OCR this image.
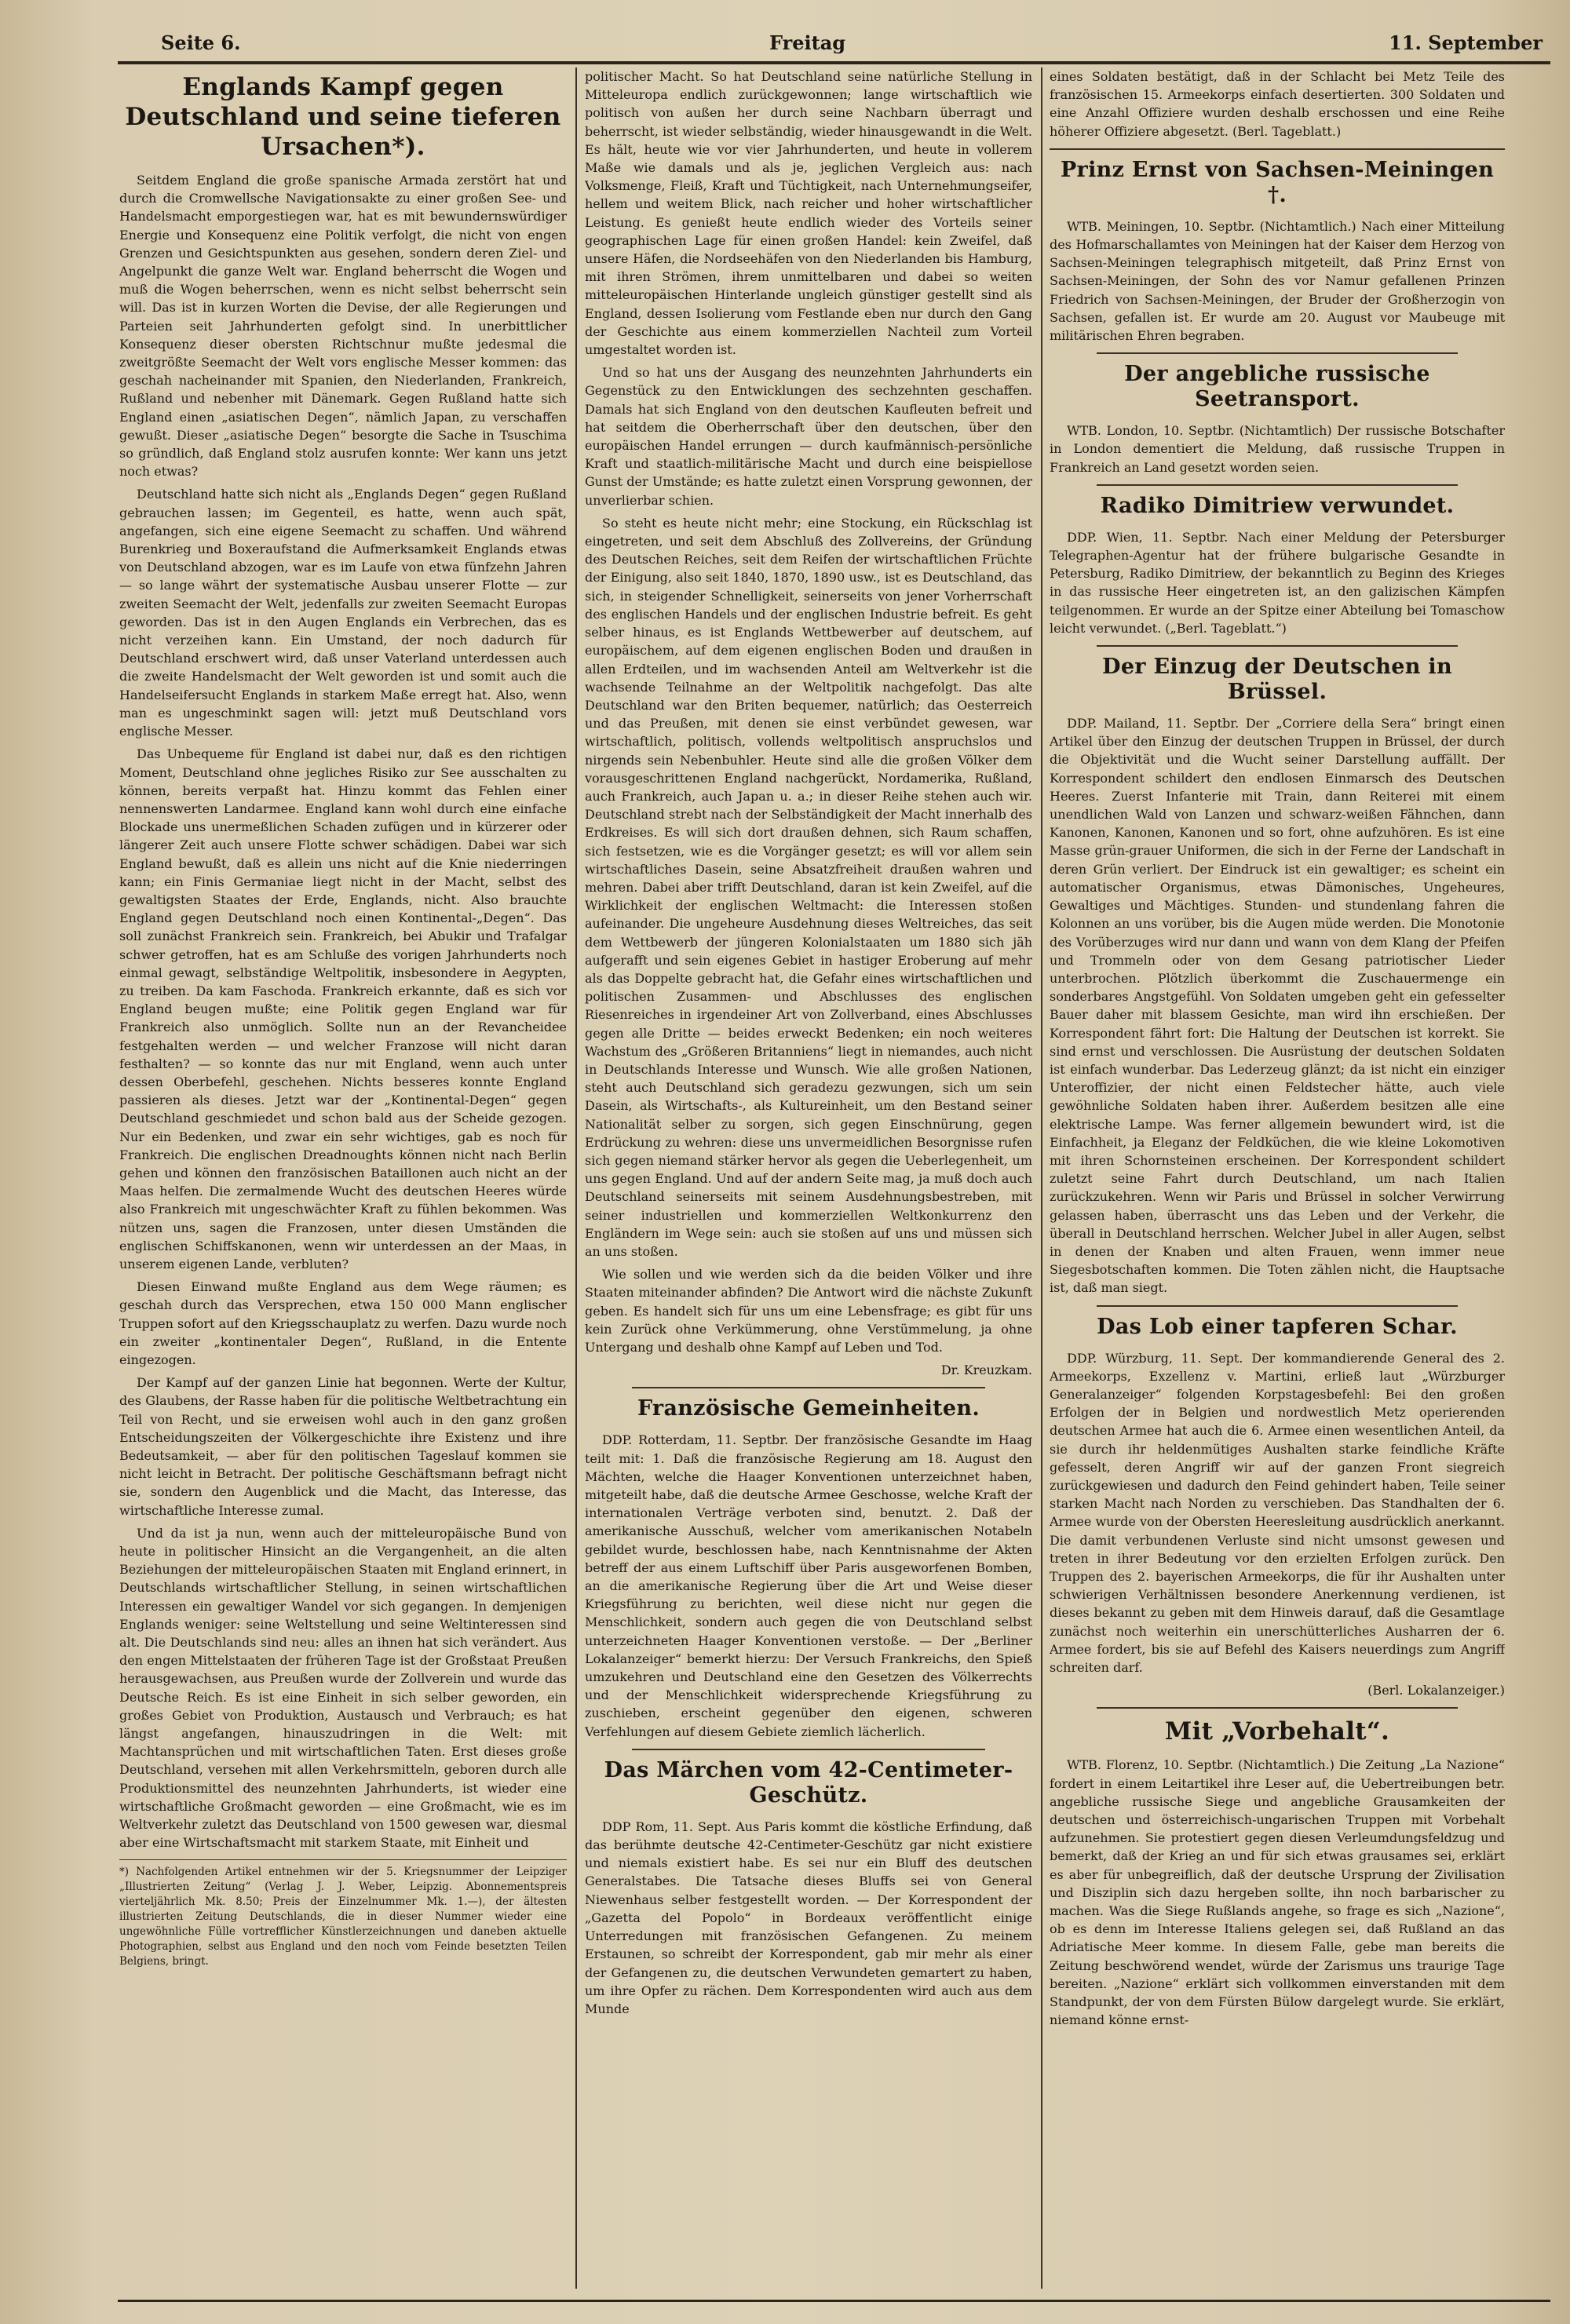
Seite 6.	Freitag	11. September
Englands Kampf gegen Deutschland und seine tieferen Ursachen*).

Seitdem England die große spanische Armada zerstört hat und durch die Cromwellsche Navigationsakte zu einer großen See- und Handelsmacht emporgestiegen war, hat es mit bewundernswürdiger Energie und Konsequenz eine Politik verfolgt, die nicht von engen Grenzen und Gesichtspunkten aus gesehen, sondern deren Ziel- und Angelpunkt die ganze Welt war. England beherrscht die Wogen und muß die Wogen beherrschen, wenn es nicht selbst beherrscht sein will. Das ist in kurzen Worten die Devise, der alle Regierungen und Parteien seit Jahrhunderten gefolgt sind. In unerbittlicher Konsequenz dieser obersten Richtschnur mußte jedesmal die zweitgrößte Seemacht der Welt vors englische Messer kommen: das geschah nacheinander mit Spanien, den Niederlanden, Frankreich, Rußland und nebenher mit Dänemark. Gegen Rußland hatte sich England einen „asiatischen Degen“, nämlich Japan, zu verschaffen gewußt. Dieser „asiatische Degen“ besorgte die Sache in Tsuschima so gründlich, daß England stolz ausrufen konnte: Wer kann uns jetzt noch etwas?

Deutschland hatte sich nicht als „Englands Degen“ gegen Rußland gebrauchen lassen; im Gegenteil, es hatte, wenn auch spät, angefangen, sich eine eigene Seemacht zu schaffen. Und während Burenkrieg und Boxeraufstand die Aufmerksamkeit Englands etwas von Deutschland abzogen, war es im Laufe von etwa fünfzehn Jahren — so lange währt der systematische Ausbau unserer Flotte — zur zweiten Seemacht der Welt, jedenfalls zur zweiten Seemacht Europas geworden. Das ist in den Augen Englands ein Verbrechen, das es nicht verzeihen kann. Ein Umstand, der noch dadurch für Deutschland erschwert wird, daß unser Vaterland unterdessen auch die zweite Handelsmacht der Welt geworden ist und somit auch die Handelseifersucht Englands in starkem Maße erregt hat. Also, wenn man es ungeschminkt sagen will: jetzt muß Deutschland vors englische Messer.

Das Unbequeme für England ist dabei nur, daß es den richtigen Moment, Deutschland ohne jegliches Risiko zur See ausschalten zu können, bereits verpaßt hat. Hinzu kommt das Fehlen einer nennenswerten Landarmee. England kann wohl durch eine einfache Blockade uns unermeßlichen Schaden zufügen und in kürzerer oder längerer Zeit auch unsere Flotte schwer schädigen. Dabei war sich England bewußt, daß es allein uns nicht auf die Knie niederringen kann; ein Finis Germaniae liegt nicht in der Macht, selbst des gewaltigsten Staates der Erde, Englands, nicht. Also brauchte England gegen Deutschland noch einen Kontinental-„Degen“. Das soll zunächst Frankreich sein. Frankreich, bei Abukir und Trafalgar schwer getroffen, hat es am Schluße des vorigen Jahrhunderts noch einmal gewagt, selbständige Weltpolitik, insbesondere in Aegypten, zu treiben. Da kam Faschoda. Frankreich erkannte, daß es sich vor England beugen mußte; eine Politik gegen England war für Frankreich also unmöglich. Sollte nun an der Revancheidee festgehalten werden — und welcher Franzose will nicht daran festhalten? — so konnte das nur mit England, wenn auch unter dessen Oberbefehl, geschehen. Nichts besseres konnte England passieren als dieses. Jetzt war der „Kontinental-Degen“ gegen Deutschland geschmiedet und schon bald aus der Scheide gezogen. Nur ein Bedenken, und zwar ein sehr wichtiges, gab es noch für Frankreich. Die englischen Dreadnoughts können nicht nach Berlin gehen und können den französischen Bataillonen auch nicht an der Maas helfen. Die zermalmende Wucht des deutschen Heeres würde also Frankreich mit ungeschwächter Kraft zu fühlen bekommen. Was nützen uns, sagen die Franzosen, unter diesen Umständen die englischen Schiffskanonen, wenn wir unterdessen an der Maas, in unserem eigenen Lande, verbluten?

Diesen Einwand mußte England aus dem Wege räumen; es geschah durch das Versprechen, etwa 150 000 Mann englischer Truppen sofort auf den Kriegsschauplatz zu werfen. Dazu wurde noch ein zweiter „kontinentaler Degen“, Rußland, in die Entente eingezogen.

Der Kampf auf der ganzen Linie hat begonnen. Werte der Kultur, des Glaubens, der Rasse haben für die politische Weltbetrachtung ein Teil von Recht, und sie erweisen wohl auch in den ganz großen Entscheidungszeiten der Völkergeschichte ihre Existenz und ihre Bedeutsamkeit, — aber für den politischen Tageslauf kommen sie nicht leicht in Betracht. Der politische Geschäftsmann befragt nicht sie, sondern den Augenblick und die Macht, das Interesse, das wirtschaftliche Interesse zumal.

Und da ist ja nun, wenn auch der mitteleuropäische Bund von heute in politischer Hinsicht an die Vergangenheit, an die alten Beziehungen der mitteleuropäischen Staaten mit England erinnert, in Deutschlands wirtschaftlicher Stellung, in seinen wirtschaftlichen Interessen ein gewaltiger Wandel vor sich gegangen. In demjenigen Englands weniger: seine Weltstellung und seine Weltinteressen sind alt. Die Deutschlands sind neu: alles an ihnen hat sich verändert. Aus den engen Mittelstaaten der früheren Tage ist der Großstaat Preußen herausgewachsen, aus Preußen wurde der Zollverein und wurde das Deutsche Reich. Es ist eine Einheit in sich selber geworden, ein großes Gebiet von Produktion, Austausch und Verbrauch; es hat längst angefangen, hinauszudringen in die Welt: mit Machtansprüchen und mit wirtschaftlichen Taten. Erst dieses große Deutschland, versehen mit allen Verkehrsmitteln, geboren durch alle Produktionsmittel des neunzehnten Jahrhunderts, ist wieder eine wirtschaftliche Großmacht geworden — eine Großmacht, wie es im Weltverkehr zuletzt das Deutschland von 1500 gewesen war, diesmal aber eine Wirtschaftsmacht mit starkem Staate, mit Einheit und

*) Nachfolgenden Artikel entnehmen wir der 5. Kriegsnummer der Leipziger „Illustrierten Zeitung“ (Verlag J. J. Weber, Leipzig. Abonnementspreis vierteljährlich Mk. 8.50; Preis der Einzelnummer Mk. 1.—), der ältesten illustrierten Zeitung Deutschlands, die in dieser Nummer wieder eine ungewöhnliche Fülle vortrefflicher Künstlerzeichnungen und daneben aktuelle Photographien, selbst aus England und den noch vom Feinde besetzten Teilen Belgiens, bringt.

politischer Macht. So hat Deutschland seine natürliche Stellung in Mitteleuropa endlich zurückgewonnen; lange wirtschaftlich wie politisch von außen her durch seine Nachbarn überragt und beherrscht, ist wieder selbständig, wieder hinausgewandt in die Welt. Es hält, heute wie vor vier Jahrhunderten, und heute in vollerem Maße wie damals und als je, jeglichen Vergleich aus: nach Volksmenge, Fleiß, Kraft und Tüchtigkeit, nach Unternehmungseifer, hellem und weitem Blick, nach reicher und hoher wirtschaftlicher Leistung. Es genießt heute endlich wieder des Vorteils seiner geographischen Lage für einen großen Handel: kein Zweifel, daß unsere Häfen, die Nordseehäfen von den Niederlanden bis Hamburg, mit ihren Strömen, ihrem unmittelbaren und dabei so weiten mitteleuropäischen Hinterlande ungleich günstiger gestellt sind als England, dessen Isolierung vom Festlande eben nur durch den Gang der Geschichte aus einem kommerziellen Nachteil zum Vorteil umgestaltet worden ist.

Und so hat uns der Ausgang des neunzehnten Jahrhunderts ein Gegenstück zu den Entwicklungen des sechzehnten geschaffen. Damals hat sich England von den deutschen Kaufleuten befreit und hat seitdem die Oberherrschaft über den deutschen, über den europäischen Handel errungen — durch kaufmännisch-persönliche Kraft und staatlich-militärische Macht und durch eine beispiellose Gunst der Umstände; es hatte zuletzt einen Vorsprung gewonnen, der unverlierbar schien.

So steht es heute nicht mehr; eine Stockung, ein Rückschlag ist eingetreten, und seit dem Abschluß des Zollvereins, der Gründung des Deutschen Reiches, seit dem Reifen der wirtschaftlichen Früchte der Einigung, also seit 1840, 1870, 1890 usw., ist es Deutschland, das sich, in steigender Schnelligkeit, seinerseits von jener Vorherrschaft des englischen Handels und der englischen Industrie befreit. Es geht selber hinaus, es ist Englands Wettbewerber auf deutschem, auf europäischem, auf dem eigenen englischen Boden und draußen in allen Erdteilen, und im wachsenden Anteil am Weltverkehr ist die wachsende Teilnahme an der Weltpolitik nachgefolgt. Das alte Deutschland war den Briten bequemer, natürlich; das Oesterreich und das Preußen, mit denen sie einst verbündet gewesen, war wirtschaftlich, politisch, vollends weltpolitisch anspruchslos und nirgends sein Nebenbuhler. Heute sind alle die großen Völker dem vorausgeschrittenen England nachgerückt, Nordamerika, Rußland, auch Frankreich, auch Japan u. a.; in dieser Reihe stehen auch wir. Deutschland strebt nach der Selbständigkeit der Macht innerhalb des Erdkreises. Es will sich dort draußen dehnen, sich Raum schaffen, sich festsetzen, wie es die Vorgänger gesetzt; es will vor allem sein wirtschaftliches Dasein, seine Absatzfreiheit draußen wahren und mehren. Dabei aber trifft Deutschland, daran ist kein Zweifel, auf die Wirklichkeit der englischen Weltmacht: die Interessen stoßen aufeinander. Die ungeheure Ausdehnung dieses Weltreiches, das seit dem Wettbewerb der jüngeren Kolonialstaaten um 1880 sich jäh aufgerafft und sein eigenes Gebiet in hastiger Eroberung auf mehr als das Doppelte gebracht hat, die Gefahr eines wirtschaftlichen und politischen Zusammen- und Abschlusses des englischen Riesenreiches in irgendeiner Art von Zollverband, eines Abschlusses gegen alle Dritte — beides erweckt Bedenken; ein noch weiteres Wachstum des „Größeren Britanniens“ liegt in niemandes, auch nicht in Deutschlands Interesse und Wunsch. Wie alle großen Nationen, steht auch Deutschland sich geradezu gezwungen, sich um sein Dasein, als Wirtschafts-, als Kultureinheit, um den Bestand seiner Nationalität selber zu sorgen, sich gegen Einschnürung, gegen Erdrückung zu wehren: diese uns unvermeidlichen Besorgnisse rufen sich gegen niemand stärker hervor als gegen die Ueberlegenheit, um uns gegen England. Und auf der andern Seite mag, ja muß doch auch Deutschland seinerseits mit seinem Ausdehnungsbestreben, mit seiner industriellen und kommerziellen Weltkonkurrenz den Engländern im Wege sein: auch sie stoßen auf uns und müssen sich an uns stoßen.

Wie sollen und wie werden sich da die beiden Völker und ihre Staaten miteinander abfinden? Die Antwort wird die nächste Zukunft geben. Es handelt sich für uns um eine Lebensfrage; es gibt für uns kein Zurück ohne Verkümmerung, ohne Verstümmelung, ja ohne Untergang und deshalb ohne Kampf auf Leben und Tod.

Dr. Kreuzkam.
Französische Gemeinheiten.

DDP. Rotterdam, 11. Septbr. Der französische Gesandte im Haag teilt mit: 1. Daß die französische Regierung am 18. August den Mächten, welche die Haager Konventionen unterzeichnet haben, mitgeteilt habe, daß die deutsche Armee Geschosse, welche Kraft der internationalen Verträge verboten sind, benutzt. 2. Daß der amerikanische Ausschuß, welcher vom amerikanischen Notabeln gebildet wurde, beschlossen habe, nach Kenntnisnahme der Akten betreff der aus einem Luftschiff über Paris ausgeworfenen Bomben, an die amerikanische Regierung über die Art und Weise dieser Kriegsführung zu berichten, weil diese nicht nur gegen die Menschlichkeit, sondern auch gegen die von Deutschland selbst unterzeichneten Haager Konventionen verstoße. — Der „Berliner Lokalanzeiger“ bemerkt hierzu: Der Versuch Frankreichs, den Spieß umzukehren und Deutschland eine den Gesetzen des Völkerrechts und der Menschlichkeit widersprechende Kriegsführung zu zuschieben, erscheint gegenüber den eigenen, schweren Verfehlungen auf diesem Gebiete ziemlich lächerlich.

Das Märchen vom 42-Centimeter-Geschütz.

DDP Rom, 11. Sept. Aus Paris kommt die köstliche Erfindung, daß das berühmte deutsche 42-Centimeter-Geschütz gar nicht existiere und niemals existiert habe. Es sei nur ein Bluff des deutschen Generalstabes. Die Tatsache dieses Bluffs sei von General Niewenhaus selber festgestellt worden. — Der Korrespondent der „Gazetta del Popolo“ in Bordeaux veröffentlicht einige Unterredungen mit französischen Gefangenen. Zu meinem Erstaunen, so schreibt der Korrespondent, gab mir mehr als einer der Gefangenen zu, die deutschen Verwundeten gemartert zu haben, um ihre Opfer zu rächen. Dem Korrespondenten wird auch aus dem Munde

eines Soldaten bestätigt, daß in der Schlacht bei Metz Teile des französischen 15. Armeekorps einfach desertierten. 300 Soldaten und eine Anzahl Offiziere wurden deshalb erschossen und eine Reihe höherer Offiziere abgesetzt. (Berl. Tageblatt.)

Prinz Ernst von Sachsen-Meiningen †.

WTB. Meiningen, 10. Septbr. (Nichtamtlich.) Nach einer Mitteilung des Hofmarschallamtes von Meiningen hat der Kaiser dem Herzog von Sachsen-Meiningen telegraphisch mitgeteilt, daß Prinz Ernst von Sachsen-Meiningen, der Sohn des vor Namur gefallenen Prinzen Friedrich von Sachsen-Meiningen, der Bruder der Großherzogin von Sachsen, gefallen ist. Er wurde am 20. August vor Maubeuge mit militärischen Ehren begraben.

Der angebliche russische Seetransport.

WTB. London, 10. Septbr. (Nichtamtlich) Der russische Botschafter in London dementiert die Meldung, daß russische Truppen in Frankreich an Land gesetzt worden seien.

Radiko Dimitriew verwundet.

DDP. Wien, 11. Septbr. Nach einer Meldung der Petersburger Telegraphen-Agentur hat der frühere bulgarische Gesandte in Petersburg, Radiko Dimitriew, der bekanntlich zu Beginn des Krieges in das russische Heer eingetreten ist, an den galizischen Kämpfen teilgenommen. Er wurde an der Spitze einer Abteilung bei Tomaschow leicht verwundet. („Berl. Tageblatt.“)

Der Einzug der Deutschen in Brüssel.

DDP. Mailand, 11. Septbr. Der „Corriere della Sera“ bringt einen Artikel über den Einzug der deutschen Truppen in Brüssel, der durch die Objektivität und die Wucht seiner Darstellung auffällt. Der Korrespondent schildert den endlosen Einmarsch des Deutschen Heeres. Zuerst Infanterie mit Train, dann Reiterei mit einem unendlichen Wald von Lanzen und schwarz-weißen Fähnchen, dann Kanonen, Kanonen, Kanonen und so fort, ohne aufzuhören. Es ist eine Masse grün-grauer Uniformen, die sich in der Ferne der Landschaft in deren Grün verliert. Der Eindruck ist ein gewaltiger; es scheint ein automatischer Organismus, etwas Dämonisches, Ungeheures, Gewaltiges und Mächtiges. Stunden- und stundenlang fahren die Kolonnen an uns vorüber, bis die Augen müde werden. Die Monotonie des Vorüberzuges wird nur dann und wann von dem Klang der Pfeifen und Trommeln oder von dem Gesang patriotischer Lieder unterbrochen. Plötzlich überkommt die Zuschauermenge ein sonderbares Angstgefühl. Von Soldaten umgeben geht ein gefesselter Bauer daher mit blassem Gesichte, man wird ihn erschießen. Der Korrespondent fährt fort: Die Haltung der Deutschen ist korrekt. Sie sind ernst und verschlossen. Die Ausrüstung der deutschen Soldaten ist einfach wunderbar. Das Lederzeug glänzt; da ist nicht ein einziger Unteroffizier, der nicht einen Feldstecher hätte, auch viele gewöhnliche Soldaten haben ihrer. Außerdem besitzen alle eine elektrische Lampe. Was ferner allgemein bewundert wird, ist die Einfachheit, ja Eleganz der Feldküchen, die wie kleine Lokomotiven mit ihren Schornsteinen erscheinen. Der Korrespondent schildert zuletzt seine Fahrt durch Deutschland, um nach Italien zurückzukehren. Wenn wir Paris und Brüssel in solcher Verwirrung gelassen haben, überrascht uns das Leben und der Verkehr, die überall in Deutschland herrschen. Welcher Jubel in aller Augen, selbst in denen der Knaben und alten Frauen, wenn immer neue Siegesbotschaften kommen. Die Toten zählen nicht, die Hauptsache ist, daß man siegt.

Das Lob einer tapferen Schar.

DDP. Würzburg, 11. Sept. Der kommandierende General des 2. Armeekorps, Exzellenz v. Martini, erließ laut „Würzburger Generalanzeiger“ folgenden Korpstagesbefehl: Bei den großen Erfolgen der in Belgien und nordwestlich Metz operierenden deutschen Armee hat auch die 6. Armee einen wesentlichen Anteil, da sie durch ihr heldenmütiges Aushalten starke feindliche Kräfte gefesselt, deren Angriff wir auf der ganzen Front siegreich zurückgewiesen und dadurch den Feind gehindert haben, Teile seiner starken Macht nach Norden zu verschieben. Das Standhalten der 6. Armee wurde von der Obersten Heeresleitung ausdrücklich anerkannt. Die damit verbundenen Verluste sind nicht umsonst gewesen und treten in ihrer Bedeutung vor den erzielten Erfolgen zurück. Den Truppen des 2. bayerischen Armeekorps, die für ihr Aushalten unter schwierigen Verhältnissen besondere Anerkennung verdienen, ist dieses bekannt zu geben mit dem Hinweis darauf, daß die Gesamtlage zunächst noch weiterhin ein unerschütterliches Ausharren der 6. Armee fordert, bis sie auf Befehl des Kaisers neuerdings zum Angriff schreiten darf.

(Berl. Lokalanzeiger.)
Mit „Vorbehalt“.

WTB. Florenz, 10. Septbr. (Nichtamtlich.) Die Zeitung „La Nazione“ fordert in einem Leitartikel ihre Leser auf, die Uebertreibungen betr. angebliche russische Siege und angebliche Grausamkeiten der deutschen und österreichisch-ungarischen Truppen mit Vorbehalt aufzunehmen. Sie protestiert gegen diesen Verleumdungsfeldzug und bemerkt, daß der Krieg an und für sich etwas grausames sei, erklärt es aber für unbegreiflich, daß der deutsche Ursprung der Zivilisation und Disziplin sich dazu hergeben sollte, ihn noch barbarischer zu machen. Was die Siege Rußlands angehe, so frage es sich „Nazione“, ob es denn im Interesse Italiens gelegen sei, daß Rußland an das Adriatische Meer komme. In diesem Falle, gebe man bereits die Zeitung beschwörend wendet, würde der Zarismus uns traurige Tage bereiten. „Nazione“ erklärt sich vollkommen einverstanden mit dem Standpunkt, der von dem Fürsten Bülow dargelegt wurde. Sie erklärt, niemand könne ernst-
